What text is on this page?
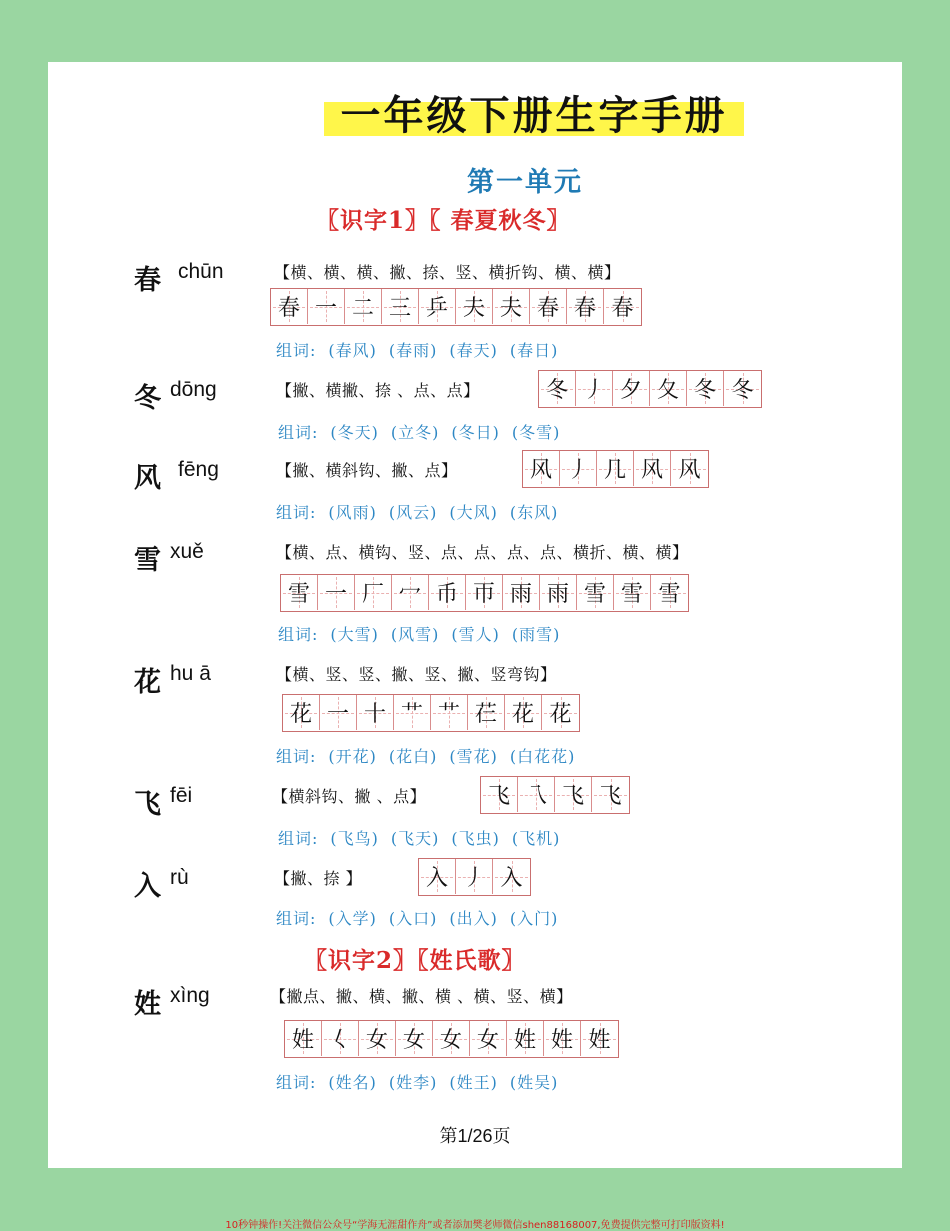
一年级下册生字手册
第一单元
〖识字1〗〖 春夏秋冬〗
春 chūn	【横、横、横、撇、捺、竖、横折钩、横、横】
春 一 二 三 乒 夫 夫 春 春 春
组词: (春风) (春雨) (春天) (春日)
冬 dōng	【撇、横撇、捺 、点、点】	冬 丿 夕 夂 冬 冬
组词: (冬天) (立冬) (冬日) (冬雪)
风 fēng	【撇、横斜钩、撇、点】	风 丿 几 风 风
组词: (风雨) (风云) (大风) (东风)
雪 xuě	【横、点、横钩、竖、点、点、点、点、横折、横、横】
雪 一 厂 冖 币 帀 雨 雨 雪 雪 雪
组词: (大雪) (风雪) (雪人) (雨雪)
花 hu ā	【横、竖、竖、撇、竖、撇、竖弯钩】
花 一 十 艹 艹 芢 花 花
组词: (开花) (花白) (雪花) (白花花)
飞 fēi	【横斜钩、撇 、点】	飞 乁 飞 飞
组词: (飞鸟) (飞天) (飞虫) (飞机)
入 rù	【撇、捺 】	入 丿 入
组词: (入学) (入口) (出入) (入门)
〖识字2〗〖姓氏歌〗
姓 xìng	【撇点、撇、横、撇、横 、横、竖、横】
姓 𡿨 女 女 女 女 姓 姓 姓
组词: (姓名) (姓李) (姓王) (姓吴)
第1/26页
10秒钟操作!关注微信公众号“学海无涯甜作舟”或者添加樊老师微信shen88168007,免费提供完整可打印版资料!
